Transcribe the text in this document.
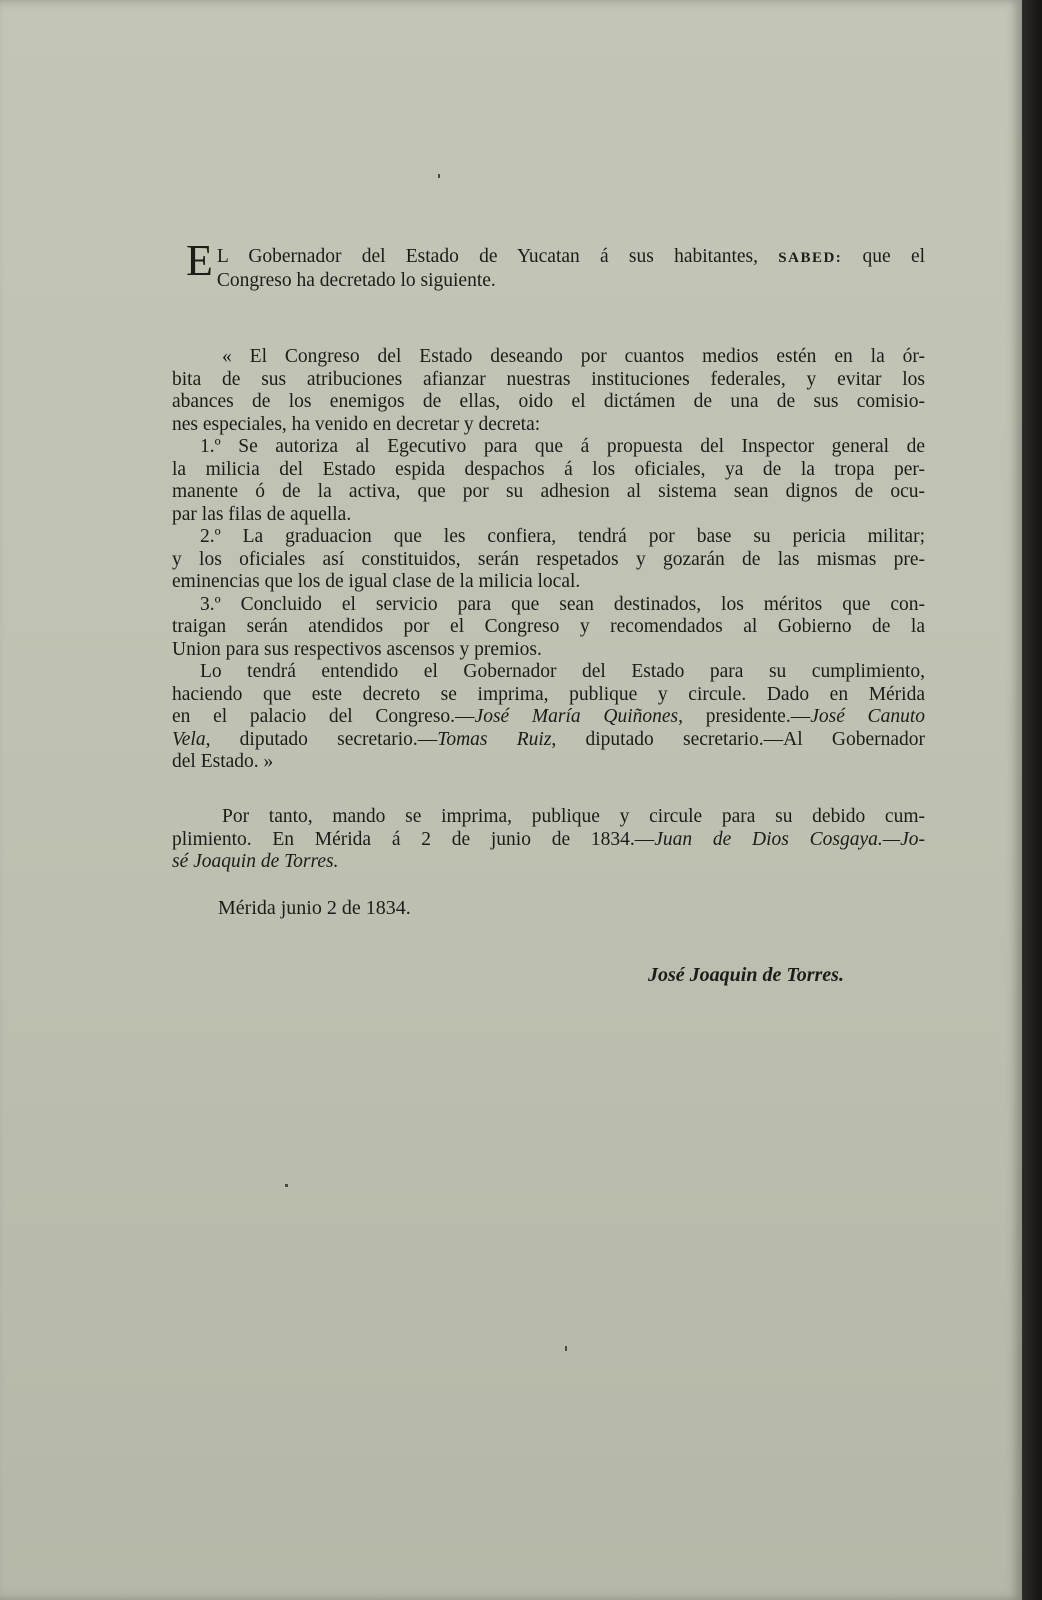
E L Gobernador del Estado de Yucatan á sus habitantes, SABED: que el
Congreso ha decretado lo siguiente.
« El Congreso del Estado deseando por cuantos medios estén en la ór-
bita de sus atribuciones afianzar nuestras instituciones federales, y evitar los
abances de los enemigos de ellas, oido el dictámen de una de sus comisio-
nes especiales, ha venido en decretar y decreta:
1.º Se autoriza al Egecutivo para que á propuesta del Inspector general de
la milicia del Estado espida despachos á los oficiales, ya de la tropa per-
manente ó de la activa, que por su adhesion al sistema sean dignos de ocu-
par las filas de aquella.
2.º La graduacion que les confiera, tendrá por base su pericia militar;
y los oficiales así constituidos, serán respetados y gozarán de las mismas pre-
eminencias que los de igual clase de la milicia local.
3.º Concluido el servicio para que sean destinados, los méritos que con-
traigan serán atendidos por el Congreso y recomendados al Gobierno de la
Union para sus respectivos ascensos y premios.
Lo tendrá entendido el Gobernador del Estado para su cumplimiento,
haciendo que este decreto se imprima, publique y circule. Dado en Mérida
en el palacio del Congreso.—José María Quiñones, presidente.—José Canuto
Vela, diputado secretario.—Tomas Ruiz, diputado secretario.—Al Gobernador
del Estado. »
Por tanto, mando se imprima, publique y circule para su debido cum-
plimiento. En Mérida á 2 de junio de 1834.—Juan de Dios Cosgaya.—Jo-
sé Joaquin de Torres.
Mérida junio 2 de 1834.
José Joaquin de Torres.
